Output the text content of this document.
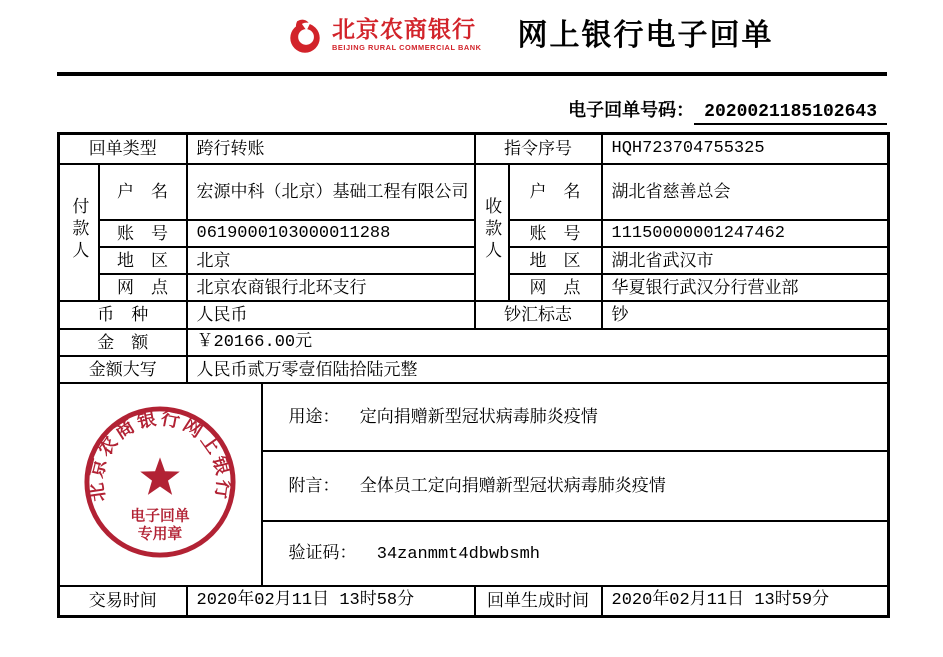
北京农商银行
BEIJING RURAL COMMERCIAL BANK 网上银行电子回单
电子回单号码： 2020021185102643
回单类型		跨行转账		指令序号		HQH723704755325
付款人	户　名	宏源中科（北京）基础工程有限公司		收款人	户　名	湖北省慈善总会
	账　号	0619000103000011288			账　号	11150000001247462
	地　区	北京			地　区	湖北省武汉市
	网　点	北京农商银行北环支行			网　点	华夏银行武汉分行营业部
币　种		人民币		钞汇标志		钞
金　额		￥20166.00元				
金额大写		人民币贰万零壹佰陆拾陆元整				

北京农商银行网上银行
电子回单
专用章			用途： 定向捐赠新型冠状病毒肺炎疫情			
			附言： 全体员工定向捐赠新型冠状病毒肺炎疫情			
			验证码： 34zanmmt4dbwbsmh			
交易时间		2020年02月11日 13时58分		回单生成时间		2020年02月11日 13时59分
